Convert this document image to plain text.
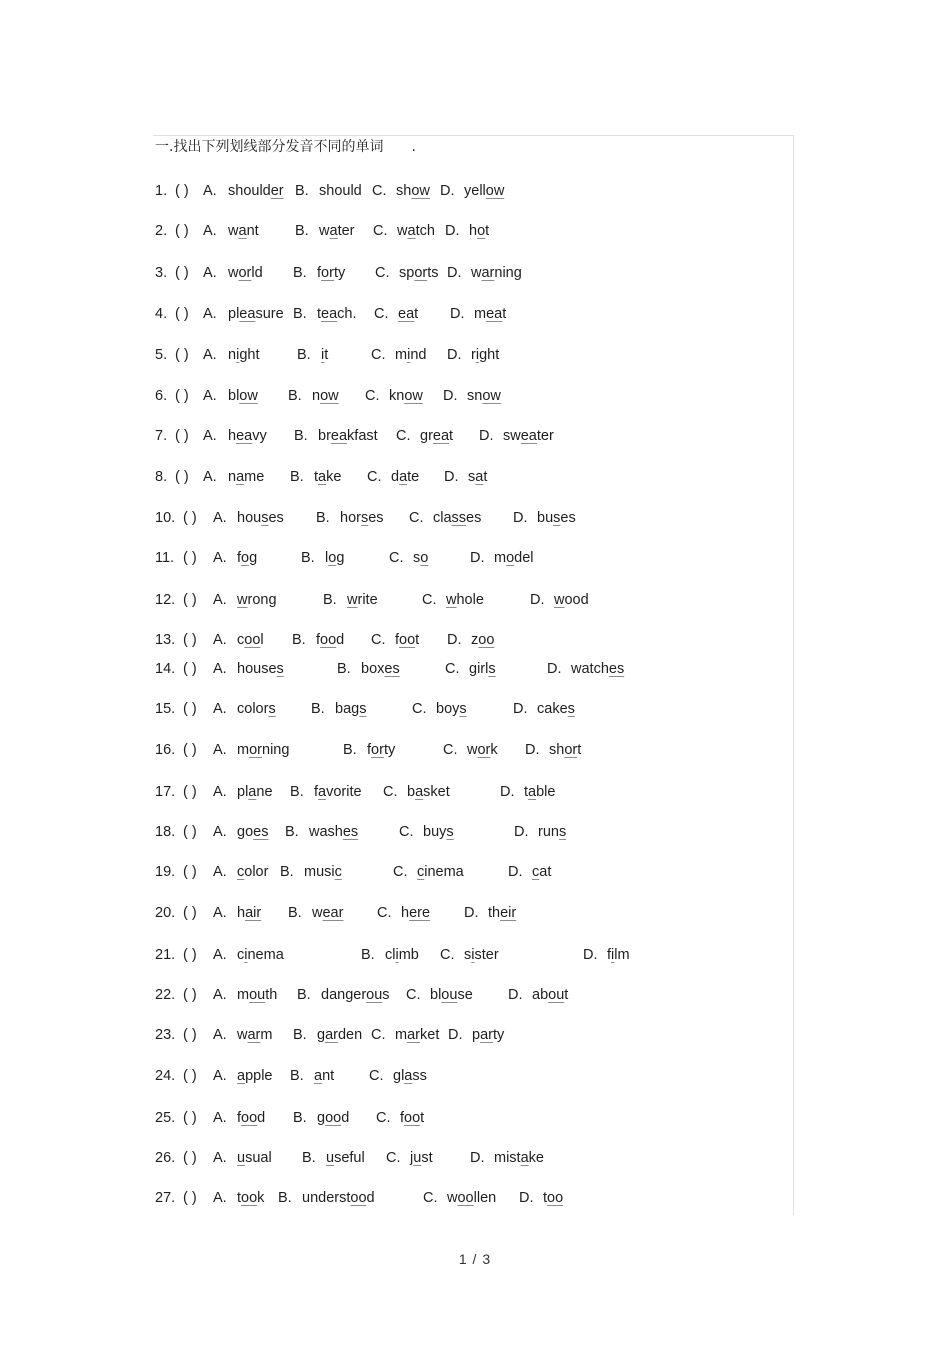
一.找出下列划线部分发音不同的单词 .
1. ( ) A. shoulder B. should C. show D. yellow
2. ( ) A. want	B. water C. watch D. hot
3. ( ) A. world B. forty C. sports D. warning
4. ( ) A. pleasure B. teach. C. eat D. meat
5. ( ) A. night	B. it	C. mind D. right
6. ( ) A. blow B. now C. know D. snow
7. ( ) A. heavy B. breakfast C. great D. sweater
8. ( ) A. name B. take C. date D. sat
10. ( ) A. houses B. horses C. classes D. buses
11. ( ) A. fog	B. log	C. so	D. model
12. ( ) A. wrong	B. write	C. whole	D. wood
13. ( ) A. cool B. food C. foot D. zoo
14. ( ) A. houses	B. boxes	C. girls	D. watches
15. ( ) A. colors B. bags	C. boys	D. cakes
16. ( ) A. morning	B. forty	C. work D. short
17. ( ) A. plane B. favorite C. basket	D. table
18. ( ) A. goes B. washes	C. buys	D. runs
19. ( ) A. color B. music	C. cinema	D. cat
20. ( ) A. hair B. wear C. here D. their
21. ( ) A. cinema	B. climb C. sister	D. film
22. ( ) A. mouth B. dangerous C. blouse D. about
23. ( ) A. warm B. garden C. market D. party
24. ( ) A. apple B. ant C. glass
25. ( ) A. food B. good C. foot
26. ( ) A. usual B. useful C. just	D. mistake
27. ( ) A. took B. understood	C. woollen D. too
1 / 3
